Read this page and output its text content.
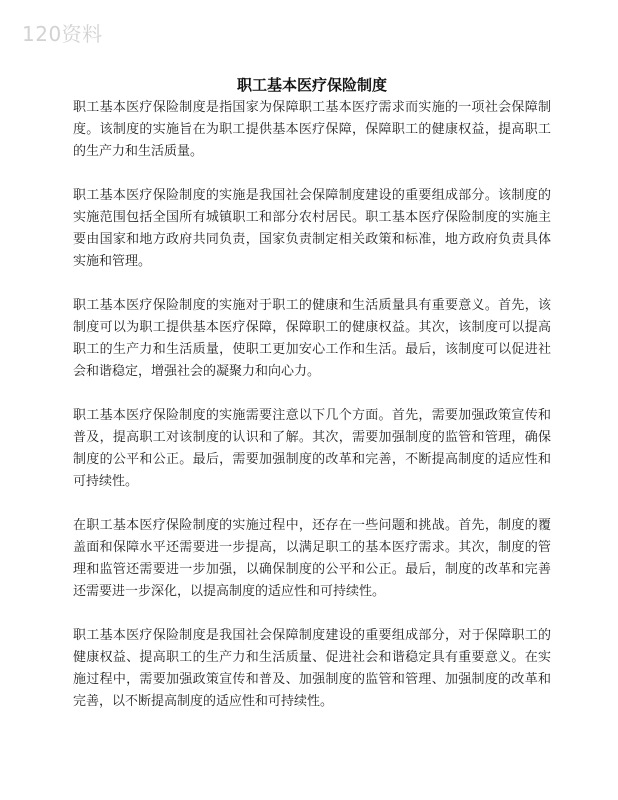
120资料
职工基本医疗保险制度

职工基本医疗保险制度是指国家为保障职工基本医疗需求而实施的一项社会保障制度。该制度的实施旨在为职工提供基本医疗保障，保障职工的健康权益，提高职工的生产力和生活质量。

职工基本医疗保险制度的实施是我国社会保障制度建设的重要组成部分。该制度的实施范围包括全国所有城镇职工和部分农村居民。职工基本医疗保险制度的实施主要由国家和地方政府共同负责，国家负责制定相关政策和标准，地方政府负责具体实施和管理。

职工基本医疗保险制度的实施对于职工的健康和生活质量具有重要意义。首先，该制度可以为职工提供基本医疗保障，保障职工的健康权益。其次，该制度可以提高职工的生产力和生活质量，使职工更加安心工作和生活。最后，该制度可以促进社会和谐稳定，增强社会的凝聚力和向心力。

职工基本医疗保险制度的实施需要注意以下几个方面。首先，需要加强政策宣传和普及，提高职工对该制度的认识和了解。其次，需要加强制度的监管和管理，确保制度的公平和公正。最后，需要加强制度的改革和完善，不断提高制度的适应性和可持续性。

在职工基本医疗保险制度的实施过程中，还存在一些问题和挑战。首先，制度的覆盖面和保障水平还需要进一步提高，以满足职工的基本医疗需求。其次，制度的管理和监管还需要进一步加强，以确保制度的公平和公正。最后，制度的改革和完善还需要进一步深化，以提高制度的适应性和可持续性。

职工基本医疗保险制度是我国社会保障制度建设的重要组成部分，对于保障职工的健康权益、提高职工的生产力和生活质量、促进社会和谐稳定具有重要意义。在实施过程中，需要加强政策宣传和普及、加强制度的监管和管理、加强制度的改革和完善，以不断提高制度的适应性和可持续性。
